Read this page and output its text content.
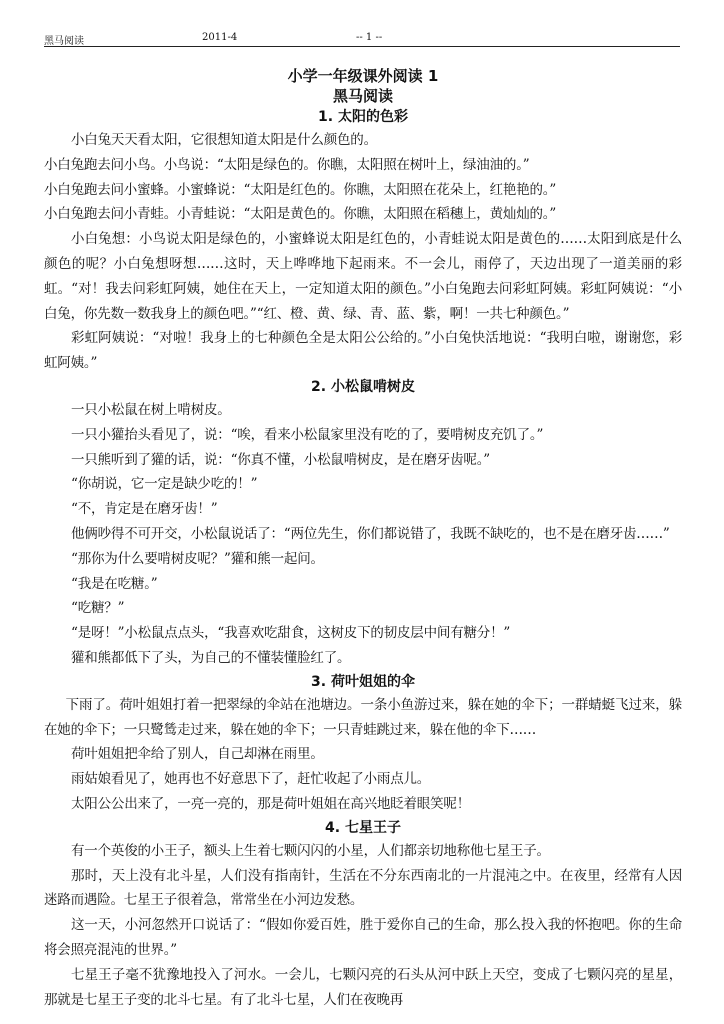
黑马阅读	2011-4	-- 1 --
小学一年级课外阅读 1
黑马阅读
1. 太阳的色彩

小白兔天天看太阳，它很想知道太阳是什么颜色的。

小白兔跑去问小鸟。小鸟说：“太阳是绿色的。你瞧，太阳照在树叶上，绿油油的。”

小白兔跑去问小蜜蜂。小蜜蜂说：“太阳是红色的。你瞧，太阳照在花朵上，红艳艳的。”

小白兔跑去问小青蛙。小青蛙说：“太阳是黄色的。你瞧，太阳照在稻穗上，黄灿灿的。”

小白兔想：小鸟说太阳是绿色的，小蜜蜂说太阳是红色的，小青蛙说太阳是黄色的……太阳到底是什么颜色的呢？小白兔想呀想……这时，天上哗哗地下起雨来。不一会儿，雨停了，天边出现了一道美丽的彩虹。“对！我去问彩虹阿姨，她住在天上，一定知道太阳的颜色。”小白兔跑去问彩虹阿姨。彩虹阿姨说：“小白兔，你先数一数我身上的颜色吧。”“红、橙、黄、绿、青、蓝、紫，啊！一共七种颜色。”

彩虹阿姨说：“对啦！我身上的七种颜色全是太阳公公给的。”小白兔快活地说：“我明白啦，谢谢您，彩虹阿姨。”

2. 小松鼠啃树皮

一只小松鼠在树上啃树皮。

一只小獾抬头看见了，说：“唉，看来小松鼠家里没有吃的了，要啃树皮充饥了。”

一只熊听到了獾的话，说：“你真不懂，小松鼠啃树皮，是在磨牙齿呢。”

“你胡说，它一定是缺少吃的！”

“不，肯定是在磨牙齿！”

他俩吵得不可开交，小松鼠说话了：“两位先生，你们都说错了，我既不缺吃的，也不是在磨牙齿……”

“那你为什么要啃树皮呢？”獾和熊一起问。

“我是在吃糖。”

“吃糖？”

“是呀！”小松鼠点点头，“我喜欢吃甜食，这树皮下的韧皮层中间有糖分！”

獾和熊都低下了头，为自己的不懂装懂脸红了。

3. 荷叶姐姐的伞

下雨了。荷叶姐姐打着一把翠绿的伞站在池塘边。一条小鱼游过来，躲在她的伞下；一群蜻蜓飞过来，躲在她的伞下；一只鹭鸶走过来，躲在她的伞下；一只青蛙跳过来，躲在他的伞下……

荷叶姐姐把伞给了别人，自己却淋在雨里。

雨姑娘看见了，她再也不好意思下了，赶忙收起了小雨点儿。

太阳公公出来了，一亮一亮的，那是荷叶姐姐在高兴地眨着眼笑呢！

4. 七星王子

有一个英俊的小王子，额头上生着七颗闪闪的小星，人们都亲切地称他七星王子。

那时，天上没有北斗星，人们没有指南针，生活在不分东西南北的一片混沌之中。在夜里，经常有人因迷路而遇险。七星王子很着急，常常坐在小河边发愁。

这一天，小河忽然开口说话了：“假如你爱百姓，胜于爱你自己的生命，那么投入我的怀抱吧。你的生命将会照亮混沌的世界。”

七星王子毫不犹豫地投入了河水。一会儿，七颗闪亮的石头从河中跃上天空，变成了七颗闪亮的星星，那就是七星王子变的北斗七星。有了北斗七星，人们在夜晚再
